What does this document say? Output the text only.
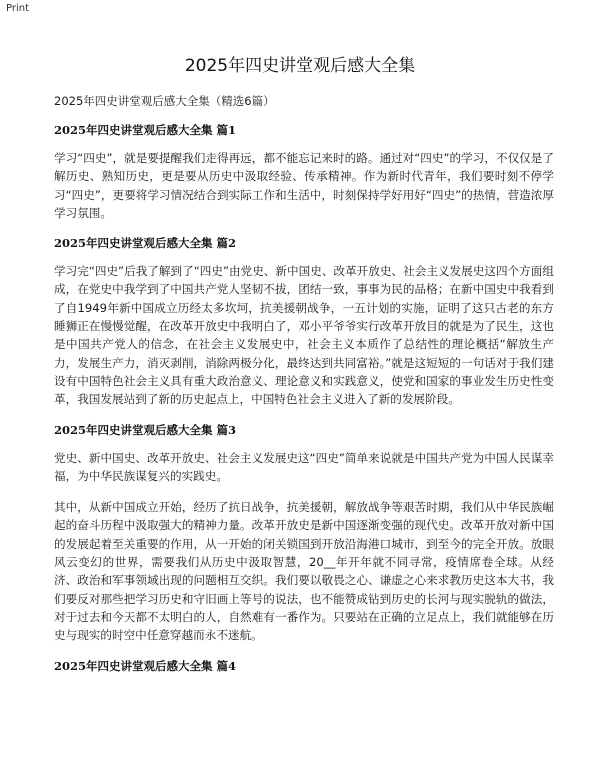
Print
2025年四史讲堂观后感大全集

2025年四史讲堂观后感大全集（精选6篇）

2025年四史讲堂观后感大全集 篇1

学习“四史”，就是要提醒我们走得再远，都不能忘记来时的路。通过对“四史”的学习，不仅仅是了解历史、熟知历史，更是要从历史中汲取经验、传承精神。作为新时代青年，我们要时刻不停学习“四史”，更要将学习情况结合到实际工作和生活中，时刻保持学好用好“四史”的热情，营造浓厚学习氛围。

2025年四史讲堂观后感大全集 篇2

学习完“四史”后我了解到了“四史”由党史、新中国史、改革开放史、社会主义发展史这四个方面组成，在党史中我学到了中国共产党人坚韧不拔，团结一致，事事为民的品格；在新中国史中我看到了自1949年新中国成立历经太多坎坷，抗美援朝战争，一五计划的实施，证明了这只古老的东方睡狮正在慢慢觉醒，在改革开放史中我明白了，邓小平爷爷实行改革开放目的就是为了民生，这也是中国共产党人的信念，在社会主义发展史中，社会主义本质作了总结性的理论概括“解放生产力，发展生产力，消灭剥削，消除两极分化，最终达到共同富裕。”就是这短短的一句话对于我们建设有中国特色社会主义具有重大政治意义、理论意义和实践意义，使党和国家的事业发生历史性变革，我国发展站到了新的历史起点上，中国特色社会主义进入了新的发展阶段。

2025年四史讲堂观后感大全集 篇3

党史、新中国史、改革开放史、社会主义发展史这“四史”简单来说就是中国共产党为中国人民谋幸福，为中华民族谋复兴的实践史。

其中，从新中国成立开始，经历了抗日战争，抗美援朝，解放战争等艰苦时期，我们从中华民族崛起的奋斗历程中汲取强大的精神力量。改革开放史是新中国逐渐变强的现代史。改革开放对新中国的发展起着至关重要的作用，从一开始的闭关锁国到开放沿海港口城市，到至今的完全开放。放眼风云变幻的世界，需要我们从历史中汲取智慧，20__年开年就不同寻常，疫情席卷全球。从经济、政治和军事领域出现的问题相互交织。我们要以敬畏之心、谦虚之心来求教历史这本大书，我们要反对那些把学习历史和守旧画上等号的说法，也不能赞成钻到历史的长河与现实脱轨的做法，对于过去和今天都不太明白的人，自然难有一番作为。只要站在正确的立足点上，我们就能够在历史与现实的时空中任意穿越而永不迷航。

2025年四史讲堂观后感大全集 篇4
